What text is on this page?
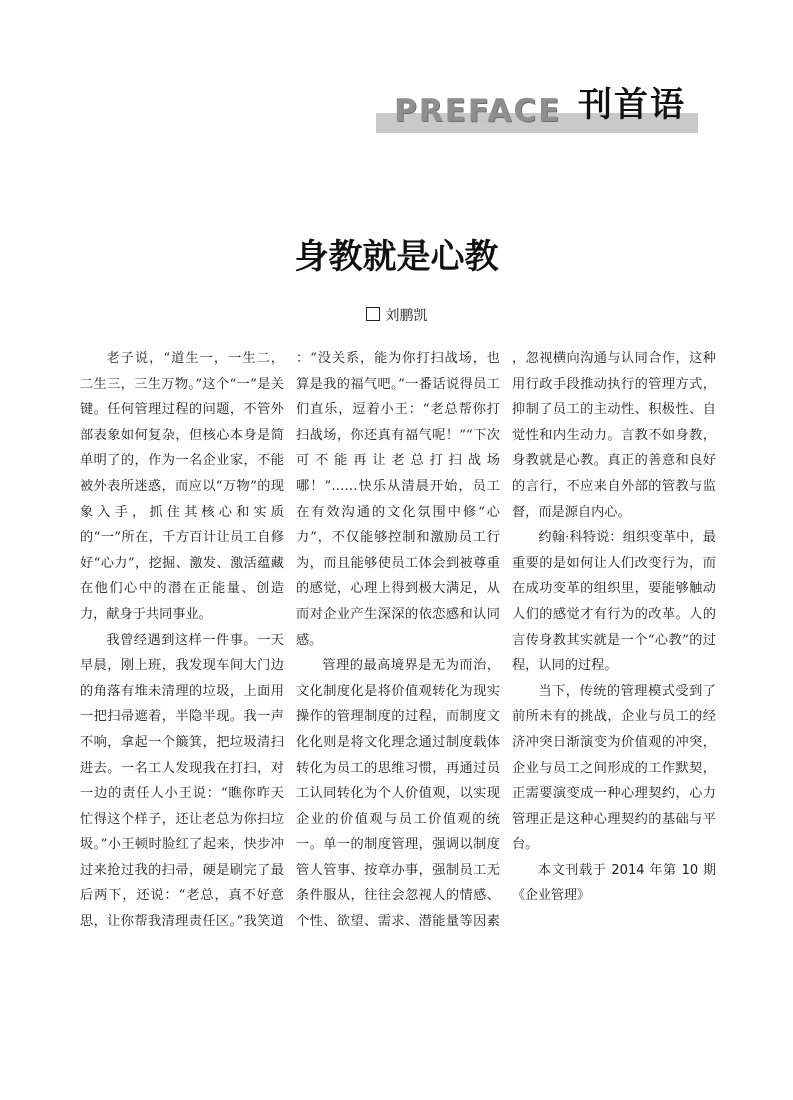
PREFACE 刊首语
身教就是心教
刘鹏凯

老子说，“道生一，一生二，二生三，三生万物。”这个“一”是关键。任何管理过程的问题，不管外部表象如何复杂，但核心本身是简单明了的，作为一名企业家，不能被外表所迷惑，而应以“万物”的现象入手，抓住其核心和实质的“一”所在，千方百计让员工自修好“心力”，挖掘、激发、激活蕴藏在他们心中的潜在正能量、创造力，献身于共同事业。

我曾经遇到这样一件事。一天早晨，刚上班，我发现车间大门边的角落有堆未清理的垃圾，上面用一把扫帚遮着，半隐半现。我一声不响，拿起一个簸箕，把垃圾清扫进去。一名工人发现我在打扫，对一边的责任人小王说：“瞧你昨天忙得这个样子，还让老总为你扫垃圾。”小王顿时脸红了起来，快步冲过来抢过我的扫帚，硬是刷完了最后两下，还说：“老总，真不好意思，让你帮我清理责任区。”我笑道

：“没关系，能为你打扫战场，也算是我的福气吧。”一番话说得员工们直乐，逗着小王：“老总帮你打扫战场，你还真有福气呢！”“下次可不能再让老总打扫战场哪！”……快乐从清晨开始，员工在有效沟通的文化氛围中修“心力”，不仅能够控制和激励员工行为，而且能够使员工体会到被尊重的感觉，心理上得到极大满足，从而对企业产生深深的依恋感和认同感。

管理的最高境界是无为而治，文化制度化是将价值观转化为现实操作的管理制度的过程，而制度文化化则是将文化理念通过制度载体转化为员工的思维习惯，再通过员工认同转化为个人价值观，以实现企业的价值观与员工价值观的统一。单一的制度管理，强调以制度管人管事、按章办事，强制员工无条件服从，往往会忽视人的情感、个性、欲望、需求、潜能量等因素

，忽视横向沟通与认同合作，这种用行政手段推动执行的管理方式，抑制了员工的主动性、积极性、自觉性和内生动力。言教不如身教，身教就是心教。真正的善意和良好的言行，不应来自外部的管教与监督，而是源自内心。

约翰·科特说：组织变革中，最重要的是如何让人们改变行为，而在成功变革的组织里，要能够触动人们的感觉才有行为的改革。人的言传身教其实就是一个“心教”的过程，认同的过程。

当下，传统的管理模式受到了前所未有的挑战，企业与员工的经济冲突日渐演变为价值观的冲突，企业与员工之间形成的工作默契，正需要演变成一种心理契约，心力管理正是这种心理契约的基础与平台。

本文刊载于 2014 年第 10 期《企业管理》
